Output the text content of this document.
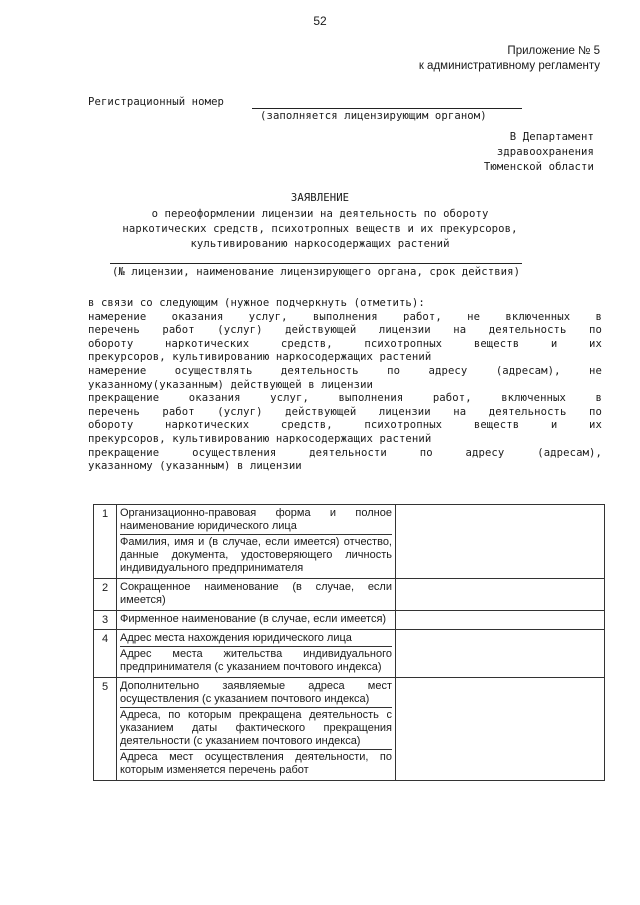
52
Приложение № 5
к административному регламенту
Регистрационный номер
(заполняется лицензирующим органом)
В Департамент
здравоохранения
Тюменской области
ЗАЯВЛЕНИЕ
о переоформлении лицензии на деятельность по обороту
наркотических средств, психотропных веществ и их прекурсоров,
культивированию наркосодержащих растений
(№ лицензии, наименование лицензирующего органа, срок действия)
в связи со следующим (нужное подчеркнуть (отметить):
намерение оказания услуг, выполнения работ, не включенных в
перечень работ (услуг) действующей лицензии на деятельность по
обороту наркотических средств, психотропных веществ и их
прекурсоров, культивированию наркосодержащих растений
намерение осуществлять деятельность по адресу (адресам), не
указанному(указанным) действующей в лицензии
прекращение оказания услуг, выполнения работ, включенных в
перечень работ (услуг) действующей лицензии на деятельность по
обороту наркотических средств, психотропных веществ и их
прекурсоров, культивированию наркосодержащих растений
прекращение осуществления деятельности по адресу (адресам),
указанному (указанным) в лицензии
1	Организационно-правовая форма и полное наименование юридического лица
Фамилия, имя и (в случае, если имеется) отчество, данные документа, удостоверяющего личность индивидуального предпринимателя	

2	Сокращенное наименование (в случае, если имеется)	

3	Фирменное наименование (в случае, если имеется)	

4	Адрес места нахождения юридического лица
Адрес места жительства индивидуального предпринимателя (с указанием почтового индекса)	

5	Дополнительно заявляемые адреса мест осуществления (с указанием почтового индекса)
Адреса, по которым прекращена деятельность с указанием даты фактического прекращения деятельности (с указанием почтового индекса)
Адреса мест осуществления деятельности, по которым изменяется перечень работ	
